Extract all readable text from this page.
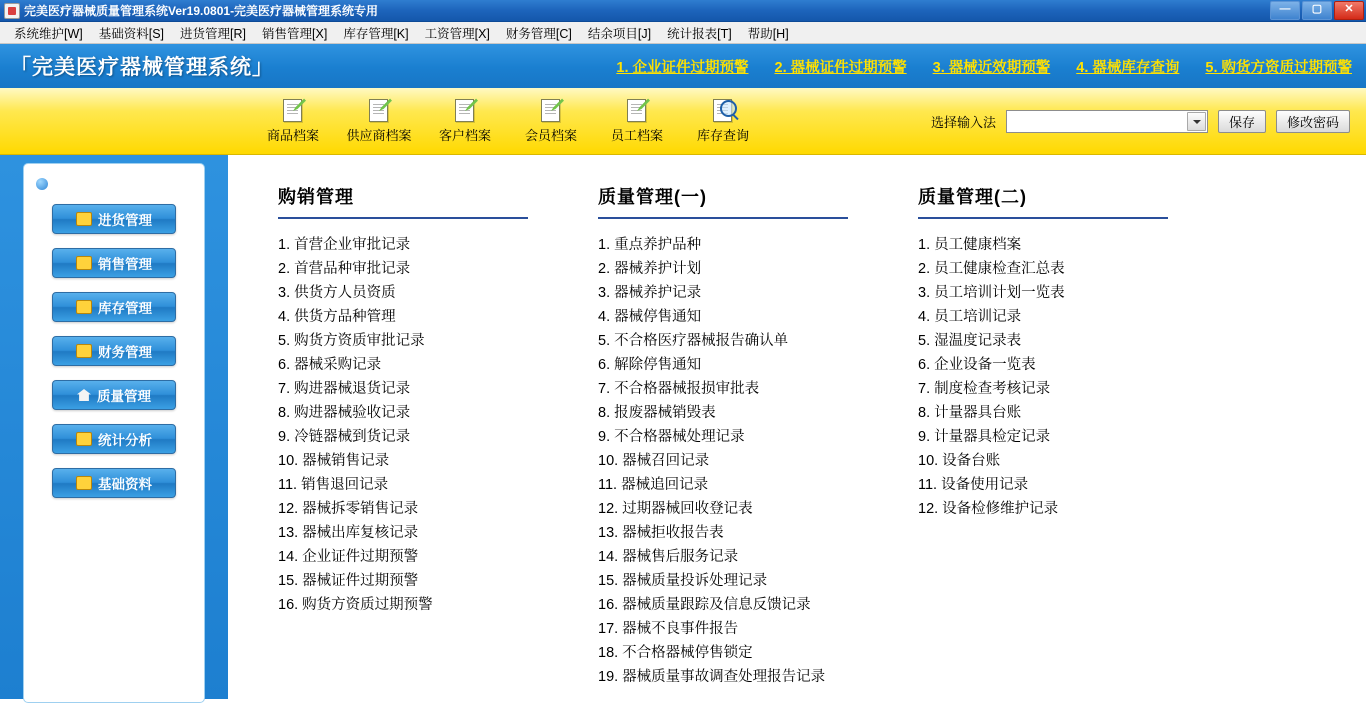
完美医疗器械质量管理系统Ver19.0801-完美医疗器械管理系统专用	—	▢	✕
系统维护[W]	基础资料[S]	进货管理[R]	销售管理[X]	库存管理[K]	工资管理[X]	财务管理[C]	结余项目[J]	统计报表[T]	帮助[H]
「完美医疗器械管理系统」	1. 企业证件过期预警 2. 器械证件过期预警 3. 器械近效期预警 4. 器械库存查询 5. 购货方资质过期预警
商品档案	供应商档案	客户档案	会员档案	员工档案	库存查询
选择输入法	保存	修改密码
进货管理
销售管理
库存管理
财务管理
质量管理
统计分析
基础资料
购销管理
1. 首营企业审批记录
2. 首营品种审批记录
3. 供货方人员资质
4. 供货方品种管理
5. 购货方资质审批记录
6. 器械采购记录
7. 购进器械退货记录
8. 购进器械验收记录
9. 冷链器械到货记录
10. 器械销售记录
11. 销售退回记录
12. 器械拆零销售记录
13. 器械出库复核记录
14. 企业证件过期预警
15. 器械证件过期预警
16. 购货方资质过期预警
质量管理(一)
1. 重点养护品种
2. 器械养护计划
3. 器械养护记录
4. 器械停售通知
5. 不合格医疗器械报告确认单
6. 解除停售通知
7. 不合格器械报损审批表
8. 报废器械销毁表
9. 不合格器械处理记录
10. 器械召回记录
11. 器械追回记录
12. 过期器械回收登记表
13. 器械拒收报告表
14. 器械售后服务记录
15. 器械质量投诉处理记录
16. 器械质量跟踪及信息反馈记录
17. 器械不良事件报告
18. 不合格器械停售锁定
19. 器械质量事故调查处理报告记录
质量管理(二)
1. 员工健康档案
2. 员工健康检查汇总表
3. 员工培训计划一览表
4. 员工培训记录
5. 湿温度记录表
6. 企业设备一览表
7. 制度检查考核记录
8. 计量器具台账
9. 计量器具检定记录
10. 设备台账
11. 设备使用记录
12. 设备检修维护记录
